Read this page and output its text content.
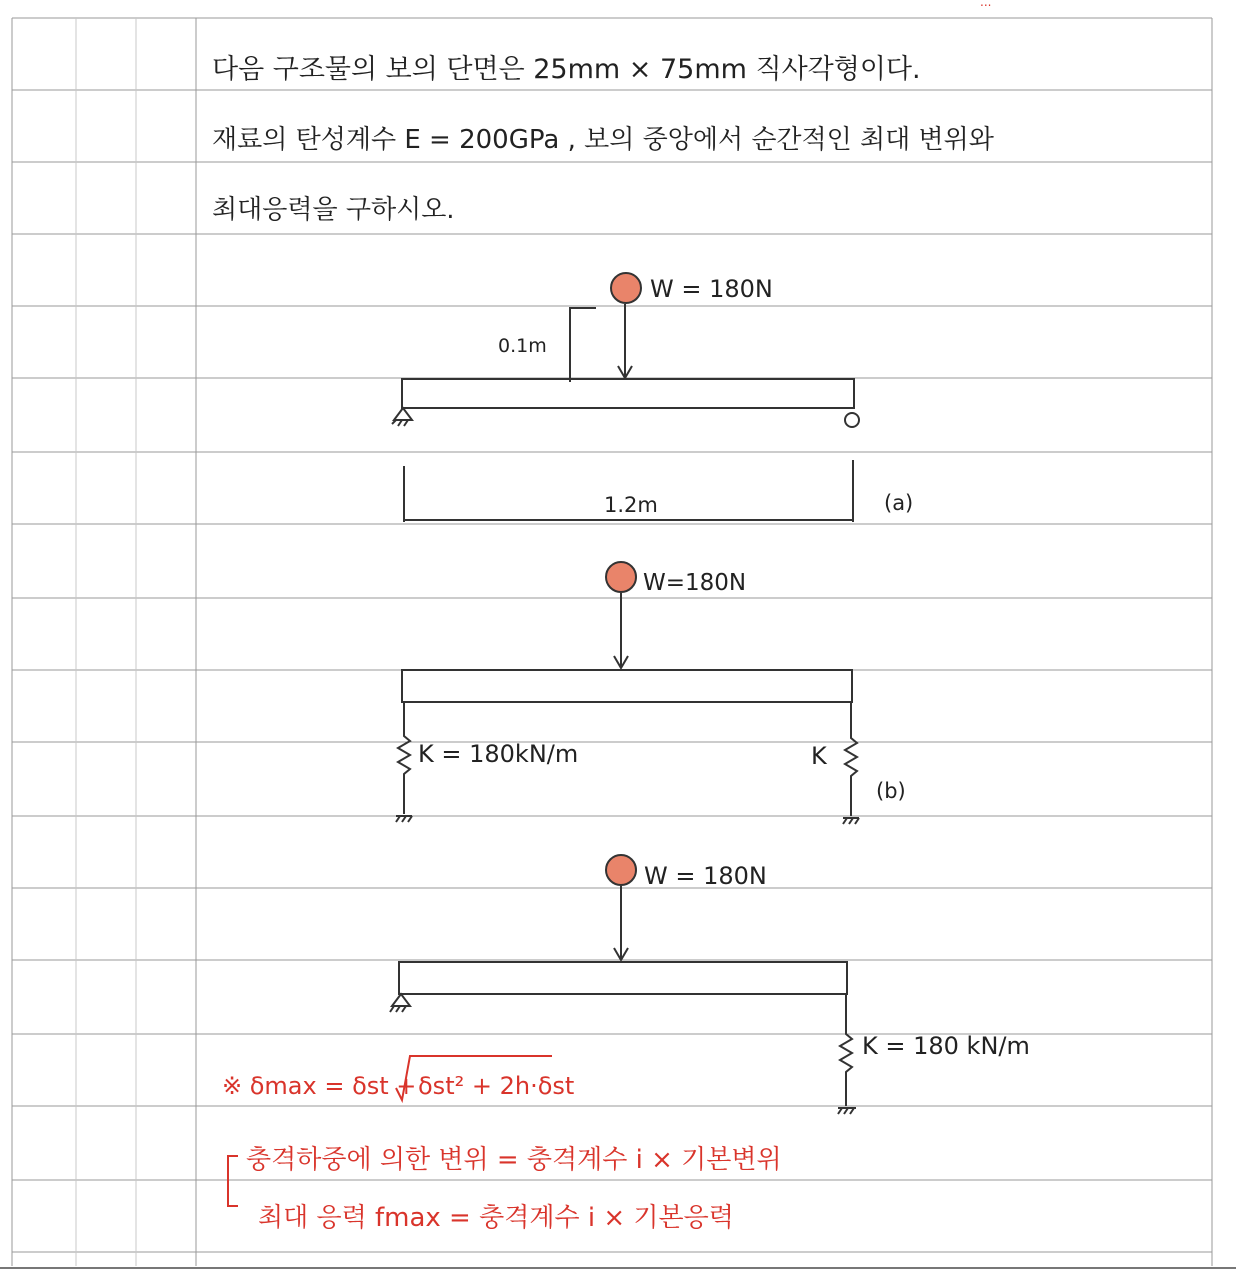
...
다음 구조물의 보의 단면은 25mm × 75mm 직사각형이다.
재료의 탄성계수 E = 200GPa , 보의 중앙에서 순간적인 최대 변위와
최대응력을 구하시오.
W = 180N
0.1m
1.2m	(a)
W=180N
K = 180kN/m	K
(b)
W = 180N
K = 180 kN/m
※ δmax = δst + δst² + 2h·δst
충격하중에 의한 변위 = 충격계수 i × 기본변위
최대 응력 fmax = 충격계수 i × 기본응력
